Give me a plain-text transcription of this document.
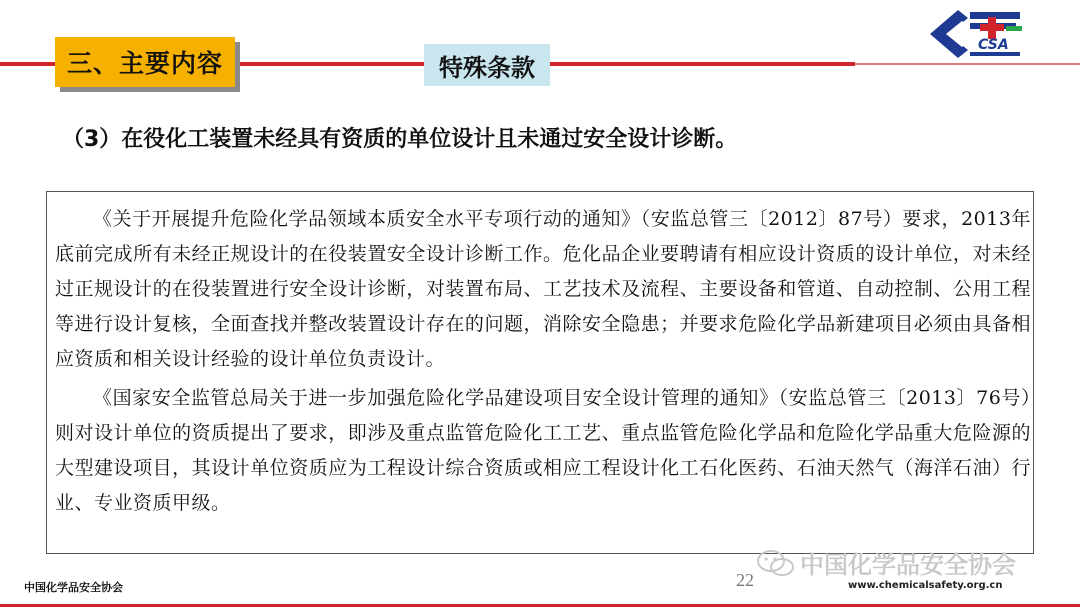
三、主要内容	特殊条款
CSA
（3）在役化工装置未经具有资质的单位设计且未通过安全设计诊断。

《关于开展提升危险化学品领域本质安全水平专项行动的通知》（安监总管三〔2012〕87号）要求，2013年底前完成所有未经正规设计的在役装置安全设计诊断工作。危化品企业要聘请有相应设计资质的设计单位，对未经过正规设计的在役装置进行安全设计诊断，对装置布局、工艺技术及流程、主要设备和管道、自动控制、公用工程等进行设计复核，全面查找并整改装置设计存在的问题，消除安全隐患；并要求危险化学品新建项目必须由具备相应资质和相关设计经验的设计单位负责设计。

《国家安全监管总局关于进一步加强危险化学品建设项目安全设计管理的通知》（安监总管三〔2013〕76号）则对设计单位的资质提出了要求，即涉及重点监管危险化工工艺、重点监管危险化学品和危险化学品重大危险源的大型建设项目，其设计单位资质应为工程设计综合资质或相应工程设计化工石化医药、石油天然气（海洋石油）行业、专业资质甲级。

中国化学品安全协会	22
中国化学品安全协会
www.chemicalsafety.org.cn
